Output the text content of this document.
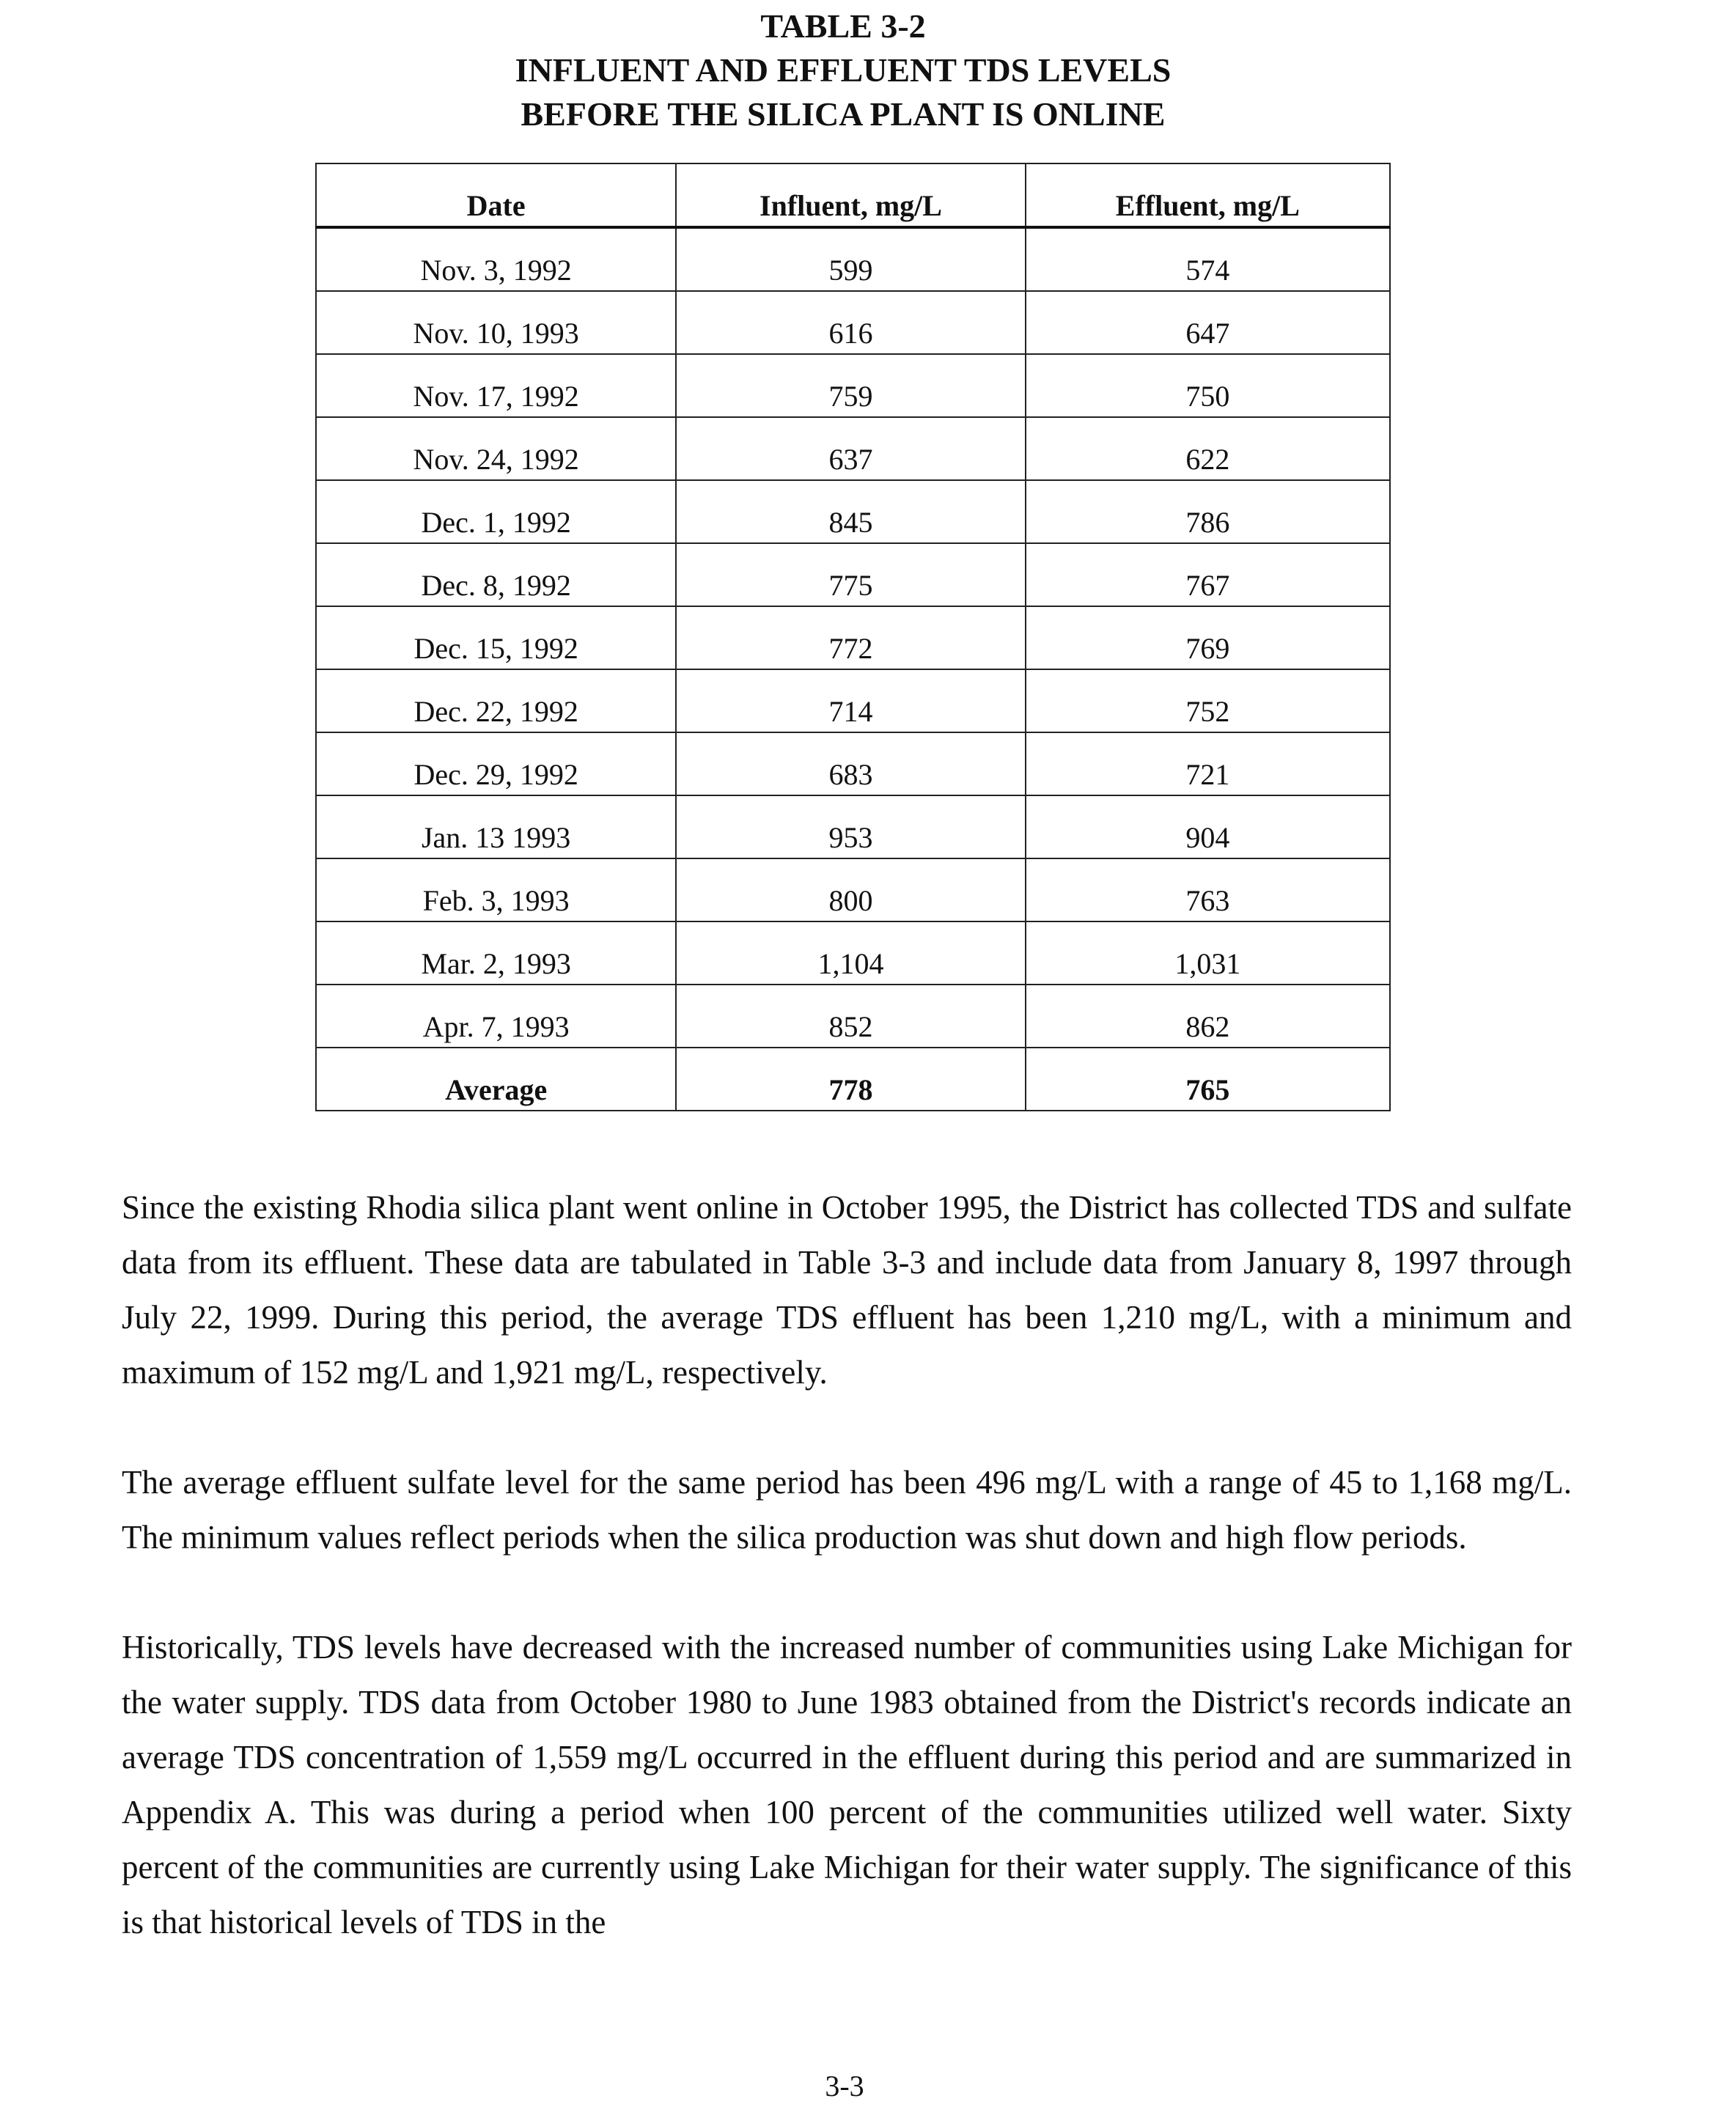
TABLE 3-2
INFLUENT AND EFFLUENT TDS LEVELS
BEFORE THE SILICA PLANT IS ONLINE
Date	Influent, mg/L	Effluent, mg/L
Nov. 3, 1992	599	574
Nov. 10, 1993	616	647
Nov. 17, 1992	759	750
Nov. 24, 1992	637	622
Dec. 1, 1992	845	786
Dec. 8, 1992	775	767
Dec. 15, 1992	772	769
Dec. 22, 1992	714	752
Dec. 29, 1992	683	721
Jan. 13 1993	953	904
Feb. 3, 1993	800	763
Mar. 2, 1993	1,104	1,031
Apr. 7, 1993	852	862
Average	778	765

Since the existing Rhodia silica plant went online in October 1995, the District has collected TDS and sulfate data from its effluent. These data are tabulated in Table 3-3 and include data from January 8, 1997 through July 22, 1999. During this period, the average TDS effluent has been 1,210 mg/L, with a minimum and maximum of 152 mg/L and 1,921 mg/L, respectively.

The average effluent sulfate level for the same period has been 496 mg/L with a range of 45 to 1,168 mg/L. The minimum values reflect periods when the silica production was shut down and high flow periods.

Historically, TDS levels have decreased with the increased number of communities using Lake Michigan for the water supply. TDS data from October 1980 to June 1983 obtained from the District's records indicate an average TDS concentration of 1,559 mg/L occurred in the effluent during this period and are summarized in Appendix A. This was during a period when 100 percent of the communities utilized well water. Sixty percent of the communities are currently using Lake Michigan for their water supply. The significance of this is that historical levels of TDS in the

3-3
